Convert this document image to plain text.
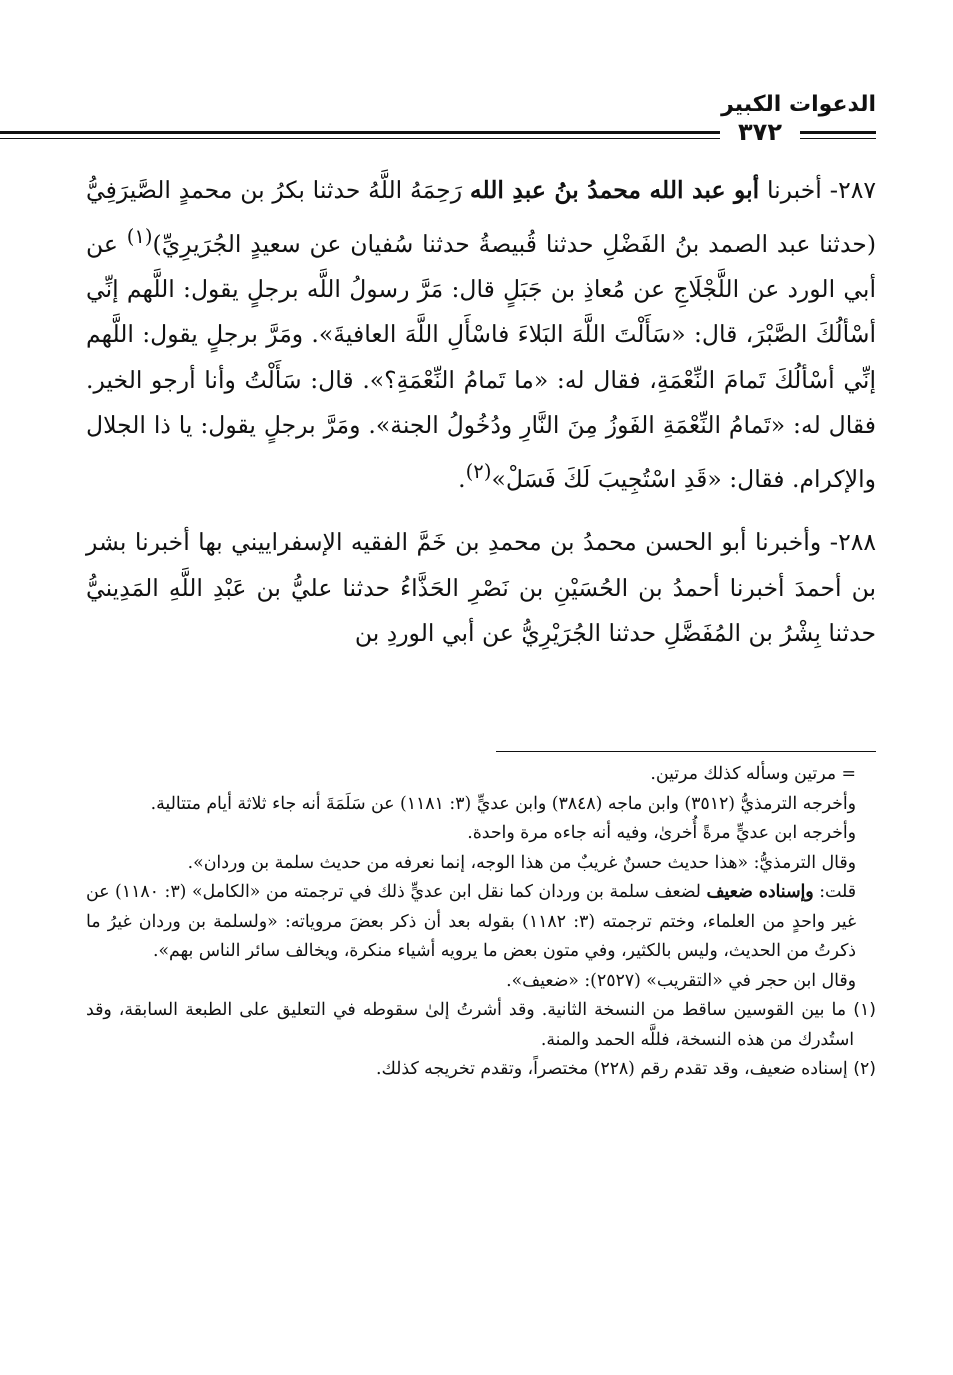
الدعوات الكبير
٣٧٢

٢٨٧- أخبرنا أبو عبد الله محمدُ بنُ عبدِ الله رَحِمَهُ اللَّهُ حدثنا بكرُ بن محمدٍ الصَّيرَفِيُّ (حدثنا عبد الصمد بنُ الفَضْلِ حدثنا قُبيصةُ حدثنا سُفيان عن سعيدٍ الجُرَيرِيِّ)$^{(١)}$ عن أبي الورد عن اللَّجْلَاجِ عن مُعاذِ بن جَبَلٍ قال: مَرَّ رسولُ اللَّه برجلٍ يقول: اللَّهم إنِّي أسْألُكَ الصَّبْرَ، قال: «سَأَلْتَ اللَّهَ البَلاءَ فاسْأَلِ اللَّهَ العافيةَ». ومَرَّ برجلٍ يقول: اللَّهم إنِّي أسْألُكَ تَمامَ النِّعْمَةِ، فقال له: «ما تَمامُ النِّعْمَةِ؟». قال: سَأَلْتُ وأنا أرجو الخير. فقال له: «تَمامُ النِّعْمَةِ الفَوزُ مِنَ النَّارِ ودُخُولُ الجنة». ومَرَّ برجلٍ يقول: يا ذا الجلال والإكرام. فقال: «قَدِ اسْتُجِيبَ لَكَ فَسَلْ»$^{(٢)}$.

٢٨٨- وأخبرنا أبو الحسن محمدُ بن محمدِ بن خَمَّ الفقيه الإسفراييني بها أخبرنا بشر بن أحمدَ أخبرنا أحمدُ بن الحُسَيْنِ بن نَصْرِ الحَذَّاءُ حدثنا عليُّ بن عَبْدِ اللَّهِ المَدِينيُّ حدثنا بِشْرُ بن المُفَضَّلِ حدثنا الجُرَيْرِيُّ عن أبي الوردِ بن

= مرتين وسأله كذلك مرتين.

وأخرجه الترمذيُّ (٣٥١٢) وابن ماجه (٣٨٤٨) وابن عديٍّ (٣: ١١٨١) عن سَلَمَةَ أنه جاء ثلاثة أيام متتالية.

وأخرجه ابن عديٍّ مرةً أُخرىٰ، وفيه أنه جاءه مرة واحدة.

وقال الترمذيُّ: «هذا حديث حسنٌ غريبٌ من هذا الوجه، إنما نعرفه من حديث سلمة بن وردان».

قلت: وإسناده ضعيف لضعف سلمة بن وردان كما نقل ابن عديٍّ ذلك في ترجمته من «الكامل» (٣: ١١٨٠) عن غير واحدٍ من العلماء، وختم ترجمته (٣: ١١٨٢) بقوله بعد أن ذكر بعضَ مروياته: «ولسلمة بن وردان غيرُ ما ذكرتُ من الحديث، وليس بالكثير، وفي متون بعض ما يرويه أشياء منكرة، ويخالف سائر الناس بهم».

وقال ابن حجر في «التقريب» (٢٥٢٧): «ضعيف».

(١) ما بين القوسين ساقط من النسخة الثانية. وقد أشرتُ إلىٰ سقوطه في التعليق على الطبعة السابقة، وقد استُدرك من هذه النسخة، فللَّه الحمد والمنة.

(٢) إسناده ضعيف، وقد تقدم رقم (٢٢٨) مختصراً، وتقدم تخريجه كذلك.
